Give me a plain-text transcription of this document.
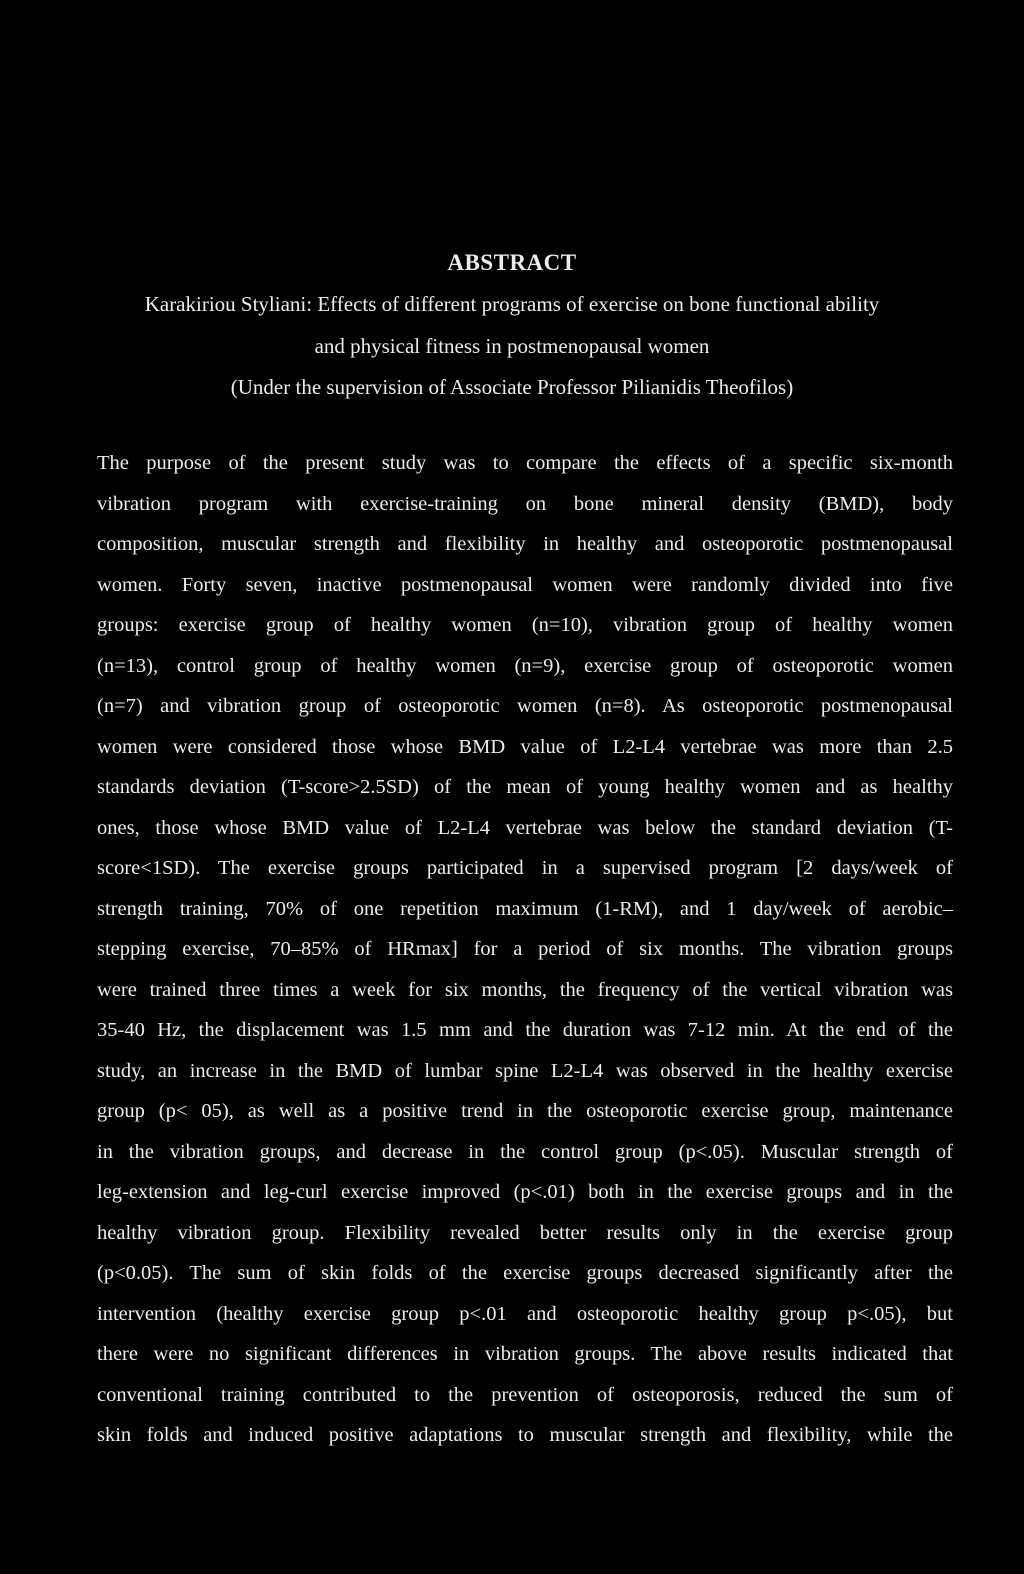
ABSTRACT

Karakiriou Styliani: Effects of different programs of exercise on bone functional ability

and physical fitness in postmenopausal women

(Under the supervision of Associate Professor Pilianidis Theofilos)

The purpose of the present study was to compare the effects of a specific six-month
vibration program with exercise-training on bone mineral density (BMD), body
composition, muscular strength and flexibility in healthy and osteoporotic postmenopausal
women. Forty seven, inactive postmenopausal women were randomly divided into five
groups: exercise group of healthy women (n=10), vibration group of healthy women
(n=13), control group of healthy women (n=9), exercise group of osteoporotic women
(n=7) and vibration group of osteoporotic women (n=8). As osteoporotic postmenopausal
women were considered those whose BMD value of L2-L4 vertebrae was more than 2.5
standards deviation (T-score>2.5SD) of the mean of young healthy women and as healthy
ones, those whose BMD value of L2-L4 vertebrae was below the standard deviation (T-
score<1SD). The exercise groups participated in a supervised program [2 days/week of
strength training, 70% of one repetition maximum (1-RM), and 1 day/week of aerobic–
stepping exercise, 70–85% of HRmax] for a period of six months. The vibration groups
were trained three times a week for six months, the frequency of the vertical vibration was
35-40 Hz, the displacement was 1.5 mm and the duration was 7-12 min. At the end of the
study, an increase in the BMD of lumbar spine L2-L4 was observed in the healthy exercise
group (p< 05), as well as a positive trend in the osteoporotic exercise group, maintenance
in the vibration groups, and decrease in the control group (p<.05). Muscular strength of
leg-extension and leg-curl exercise improved (p<.01) both in the exercise groups and in the
healthy vibration group. Flexibility revealed better results only in the exercise group
(p<0.05). The sum of skin folds of the exercise groups decreased significantly after the
intervention (healthy exercise group p<.01 and osteoporotic healthy group p<.05), but
there were no significant differences in vibration groups. The above results indicated that
conventional training contributed to the prevention of osteoporosis, reduced the sum of
skin folds and induced positive adaptations to muscular strength and flexibility, while the
